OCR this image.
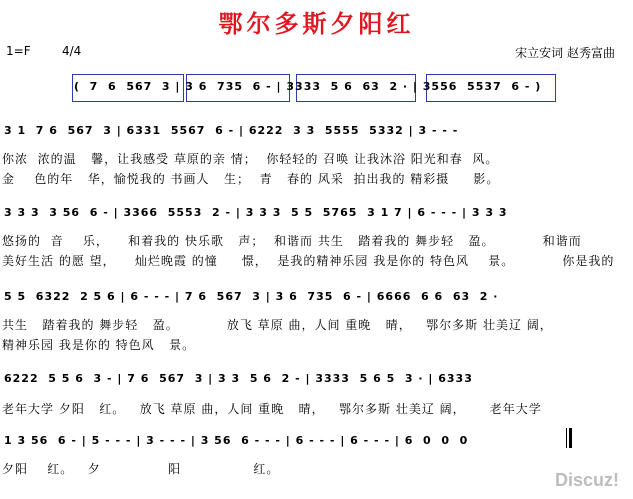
鄂尔多斯夕阳红
1=F	4/4	宋立安词 赵秀富曲
(  7  6  567  3 | 3 6  735  6 - | 3333  5 6  63  2 · | 3556  5537  6 - )
3 1  7 6  567  3 | 6331  5567  6 - | 6222  3 3  5555  5332 | 3 - - -
你浓  浓的温   馨，让我感受 草原的亲 情；  你轻轻的 召唤 让我沐浴 阳光和春  风。
金    色的年   华，愉悦我的 书画人   生；  青   春的 风采  拍出我的 精彩摄     影。
3 3 3  3 56  6 - | 3366  5553  2 - | 3 3 3  5 5  5765  3 1 7 | 6 - - - | 3 3 3
悠扬的  音    乐，    和着我的 快乐歌   声；  和谐而 共生   踏着我的 舞步轻   盈。          和谐而
美好生活 的愿 望，    灿烂晚霞 的憧     憬，  是我的精神乐园 我是你的 特色风    景。          你是我的
5 5  6322  2 5 6 | 6 - - - | 7 6  567  3 | 3 6  735  6 - | 6666  6 6  63  2 ·
共生   踏着我的 舞步轻   盈。          放飞 草原 曲，人间 重晚   晴，   鄂尔多斯 壮美辽 阔，
精神乐园 我是你的 特色风   景。
6222  5 5 6  3 - | 7 6  567  3 | 3 3  5 6  2 - | 3333  5 6 5  3 · | 6333
老年大学 夕阳   红。   放飞 草原 曲，人间 重晚   晴，   鄂尔多斯 壮美辽 阔，     老年大学
1 3 56  6 - | 5 - - - | 3 - - - | 3 56  6 - - - | 6 - - - | 6 - - - | 6  0  0  0
夕阳    红。   夕              阳               红。
Discuz!
